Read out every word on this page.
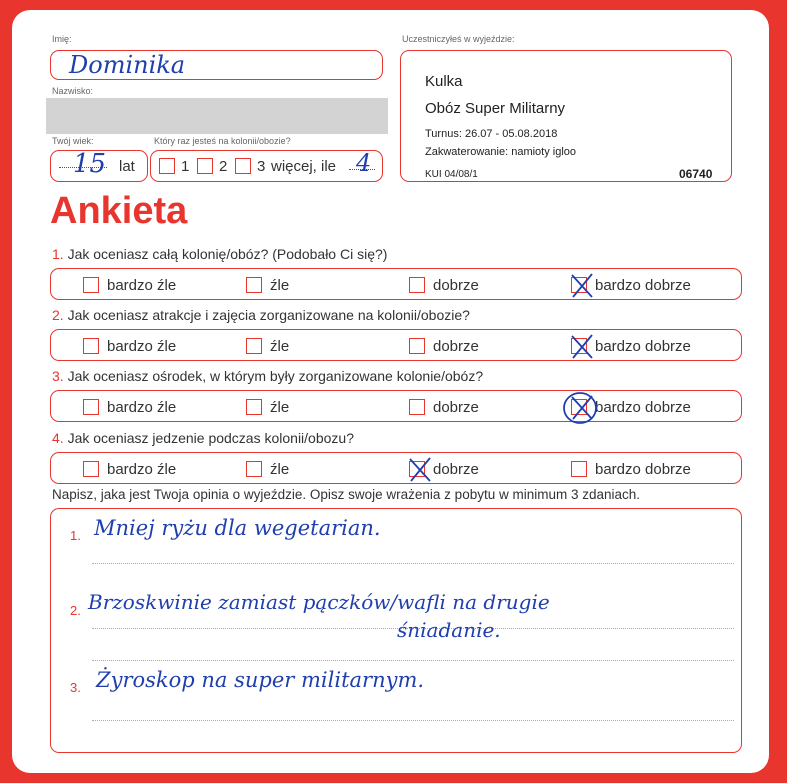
Imię:
Dominika
Nazwisko:
Twój wiek:
15 lat
Który raz jesteś na kolonii/obozie?
1 2 3 więcej, ile 4
Uczestniczyłeś w wyjeździe:
Kulka
Obóz Super Militarny
Turnus: 26.07 - 05.08.2018
Zakwaterowanie: namioty igloo
KUI 04/08/1	06740
Ankieta
1. Jak oceniasz całą kolonię/obóz? (Podobało Ci się?)
bardzo źle	źle	dobrze	bardzo dobrze
2. Jak oceniasz atrakcje i zajęcia zorganizowane na kolonii/obozie?
bardzo źle	źle	dobrze	bardzo dobrze
3. Jak oceniasz ośrodek, w którym były zorganizowane kolonie/obóz?
bardzo źle	źle	dobrze	bardzo dobrze
4. Jak oceniasz jedzenie podczas kolonii/obozu?
bardzo źle	źle	dobrze	bardzo dobrze
Napisz, jaka jest Twoja opinia o wyjeździe. Opisz swoje wrażenia z pobytu w minimum 3 zdaniach.
1. Mniej ryżu dla wegetarian.
2. Brzoskwinie zamiast pączków/wafli na drugie
śniadanie.
3. Żyroskop na super militarnym.
